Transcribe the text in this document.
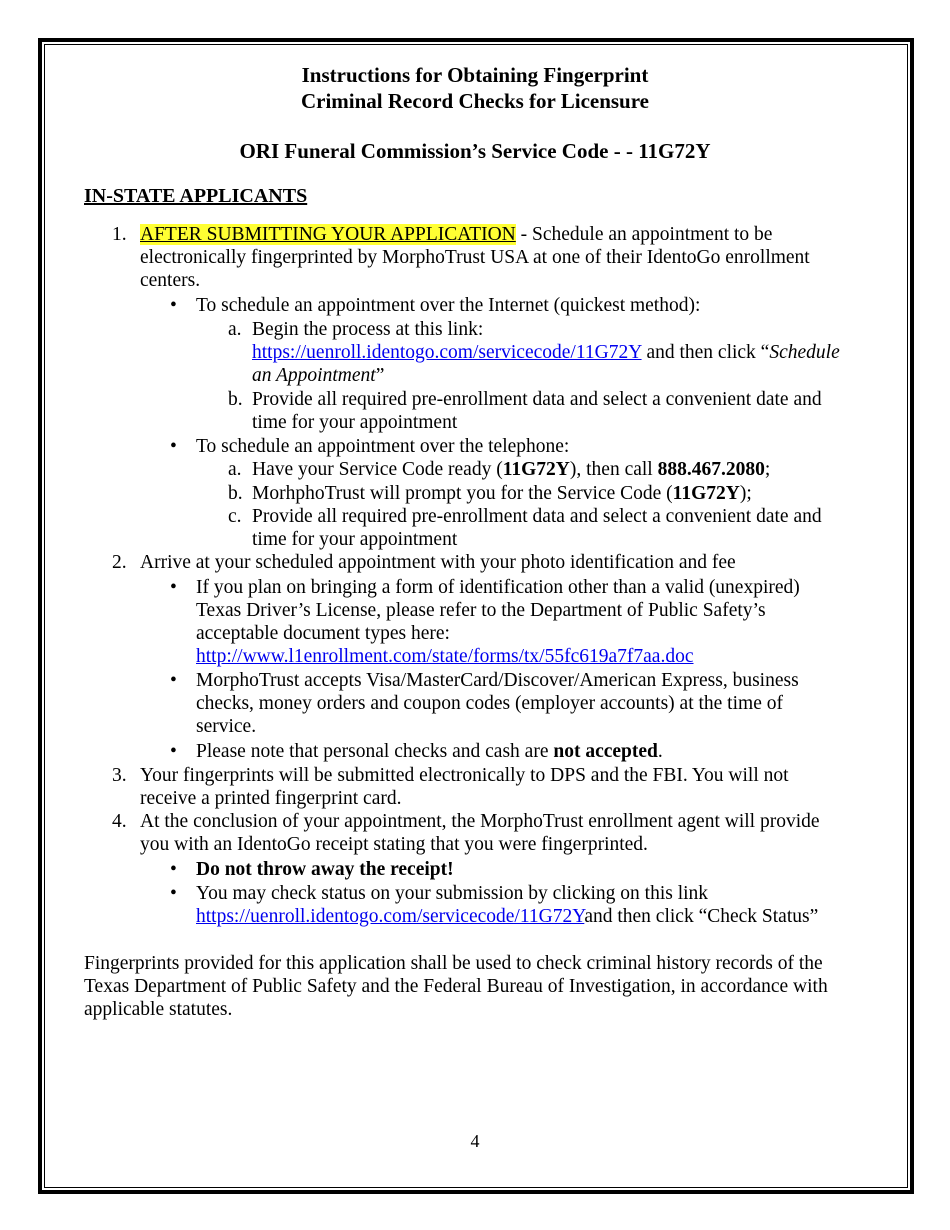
Instructions for Obtaining Fingerprint
Criminal Record Checks for Licensure
ORI Funeral Commission’s Service Code - - 11G72Y
IN-STATE APPLICANTS
1. AFTER SUBMITTING YOUR APPLICATION - Schedule an appointment to be
electronically fingerprinted by MorphoTrust USA at one of their IdentoGo enrollment
centers.
• To schedule an appointment over the Internet (quickest method):
a. Begin the process at this link:
https://uenroll.identogo.com/servicecode/11G72Y and then click “Schedule
an Appointment”
b. Provide all required pre-enrollment data and select a convenient date and
time for your appointment
• To schedule an appointment over the telephone:
a. Have your Service Code ready (11G72Y), then call 888.467.2080;
b. MorhphoTrust will prompt you for the Service Code (11G72Y);
c. Provide all required pre-enrollment data and select a convenient date and
time for your appointment
2. Arrive at your scheduled appointment with your photo identification and fee
• If you plan on bringing a form of identification other than a valid (unexpired)
Texas Driver’s License, please refer to the Department of Public Safety’s
acceptable document types here:
http://www.l1enrollment.com/state/forms/tx/55fc619a7f7aa.doc
• MorphoTrust accepts Visa/MasterCard/Discover/American Express, business
checks, money orders and coupon codes (employer accounts) at the time of
service.
• Please note that personal checks and cash are not accepted.
3. Your fingerprints will be submitted electronically to DPS and the FBI. You will not
receive a printed fingerprint card.
4. At the conclusion of your appointment, the MorphoTrust enrollment agent will provide
you with an IdentoGo receipt stating that you were fingerprinted.
• Do not throw away the receipt!
• You may check status on your submission by clicking on this link
https://uenroll.identogo.com/servicecode/11G72Yand then click “Check Status”
Fingerprints provided for this application shall be used to check criminal history records of the
Texas Department of Public Safety and the Federal Bureau of Investigation, in accordance with
applicable statutes.
4
